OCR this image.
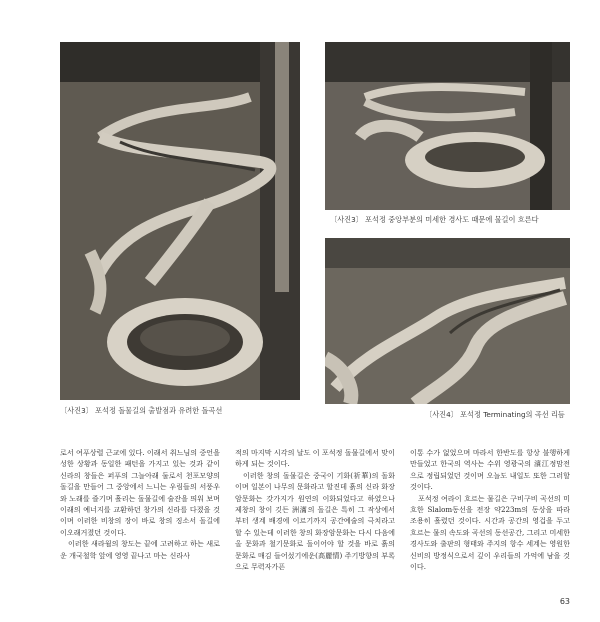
〔사진3〕 포석정 돌물길의 출발점과 유려한 돌곡선
〔사진3〕 포석정 중앙부분의 미세한 경사도 때문에 물길이 흐른다
〔사진4〕 포석정 Terminating의 곡선 리듬

로서 여푸상렬 근교에 있다. 이래서 취느님의 중언을 성한 상황과 동일한 패턴을 가지고 있는 것과 같이 신라의 창들은 퍼푸의 그늘아래 둘로서 천포모양의 돌길을 만들어 그 중앙에서 느니는 우림들의 서풍우와 노래를 즐기며 흘리는 돌물길에 술잔을 띄워 보며 이래의 예너지를 교환하던 창가의 신라를 다졌을 것이며 이러한 비창의 장이 바로 창의 징소서 돌길에 이오래거졌던 것이다.

이러한 새라월의 창도는 끝에 고려하고 하는 새로운 개국철학 앞에 영영 끝나고 마는 신라사

적의 마지막 시각의 날도 이 포석정 돌물길에서 맞이하게 되는 것이다.

이러한 창의 돌물길은 중국이 기화(祈華)의 돌화이며 일본이 나무의 문화라고 할진데 흙의 신라 화장암문화는 갓가지가 원연의 이화되었다고 하였으나 제창의 창이 깃든 洲滿의 돌길은 특히 그 작상에서부터 생계 배경에 이르기까지 공간예술의 극치라고 할 수 있는데 이러한 창의 화장암문화는 다시 다음에 올 문화과 철기문화로 돌이어야 할 것을 바로 흙의 문화로 매김 들어섰기에운(高麗情) 주기방향의 부록으로 무력자가픈

이통 수가 없었으며 마라서 한반도를 항상 불행하게 만들었고 한국의 역사는 수위 영광국의 濱江정맘전으로 정립되었던 것이며 오늘도 내일도 또한 그러할 것이다.

포석정 여라이 흐르는 물길은 구비구비 곡선의 미흐한 Slalom동선을 전장 약223m의 동상을 따라 조용히 흘렸던 것이다. 시간과 공간의 영겁을 두고 흐르는 물의 속도와 곡선의 동선공간, 그리고 미세한 경사도와 출판의 형태와 주지의 항수 세계는 영원한 신비의 방정식으로서 깊이 우리들의 가억에 남을 것이다.

63
